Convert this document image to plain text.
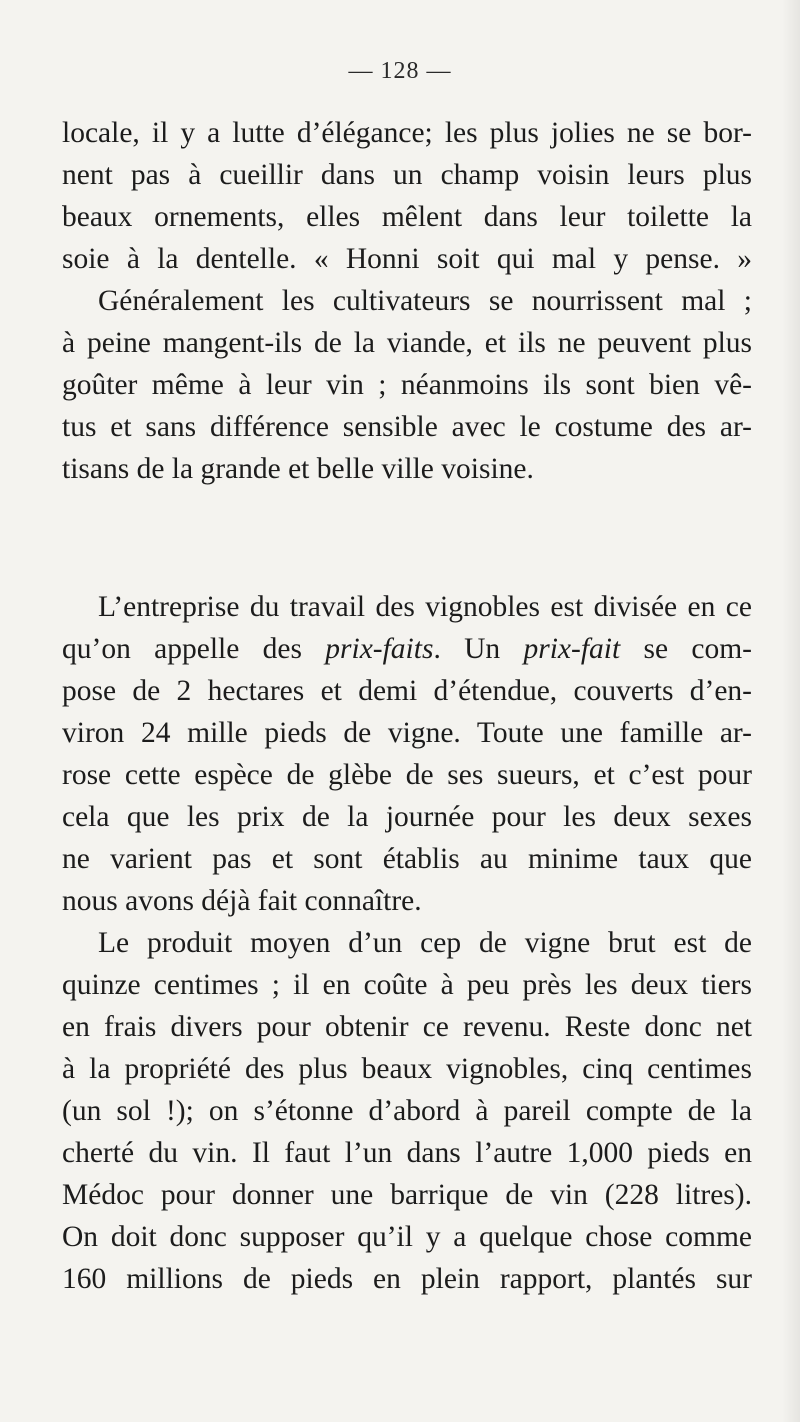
— 128 —
locale, il y a lutte d’élégance; les plus jolies ne se bor-
nent pas à cueillir dans un champ voisin leurs plus
beaux ornements, elles mêlent dans leur toilette la
soie à la dentelle. « Honni soit qui mal y pense. »
Généralement les cultivateurs se nourrissent mal ;
à peine mangent-ils de la viande, et ils ne peuvent plus
goûter même à leur vin ; néanmoins ils sont bien vê-
tus et sans différence sensible avec le costume des ar-
tisans de la grande et belle ville voisine.
L’entreprise du travail des vignobles est divisée en ce
qu’on appelle des prix-faits. Un prix-fait se com-
pose de 2 hectares et demi d’étendue, couverts d’en-
viron 24 mille pieds de vigne. Toute une famille ar-
rose cette espèce de glèbe de ses sueurs, et c’est pour
cela que les prix de la journée pour les deux sexes
ne varient pas et sont établis au minime taux que
nous avons déjà fait connaître.
Le produit moyen d’un cep de vigne brut est de
quinze centimes ; il en coûte à peu près les deux tiers
en frais divers pour obtenir ce revenu. Reste donc net
à la propriété des plus beaux vignobles, cinq centimes
(un sol !); on s’étonne d’abord à pareil compte de la
cherté du vin. Il faut l’un dans l’autre 1,000 pieds en
Médoc pour donner une barrique de vin (228 litres).
On doit donc supposer qu’il y a quelque chose comme
160 millions de pieds en plein rapport, plantés sur
